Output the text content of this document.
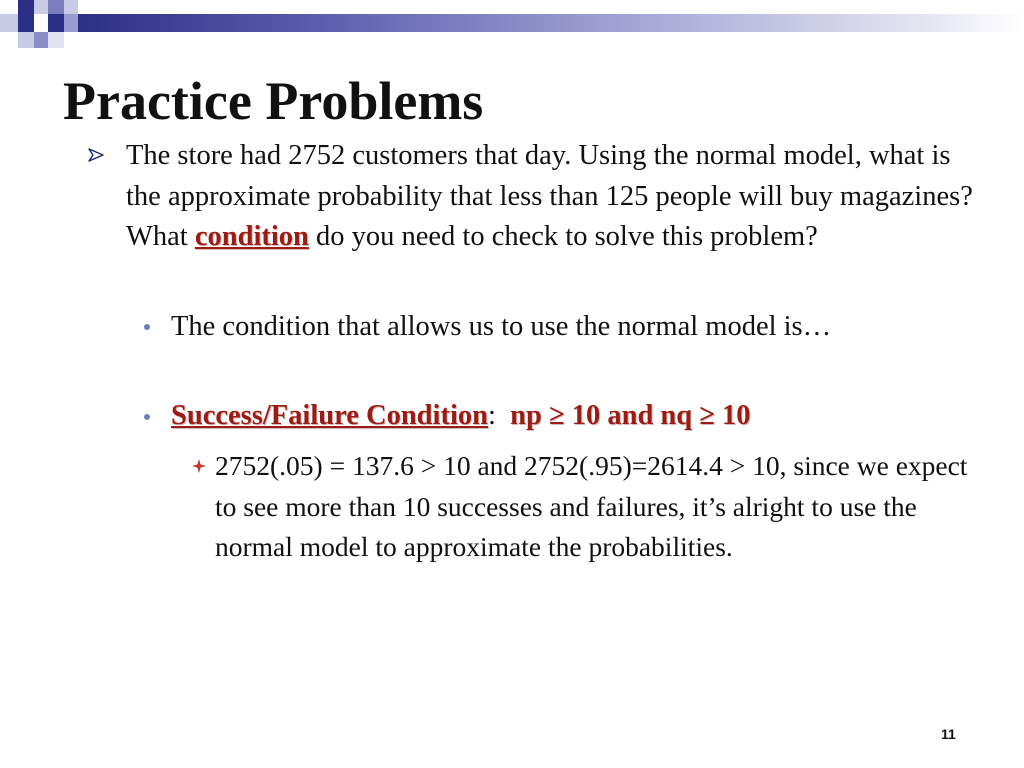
Practice Problems
The store had 2752 customers that day. Using the normal model, what is the approximate probability that less than 125 people will buy magazines? What condition do you need to check to solve this problem?
The condition that allows us to use the normal model is…
Success/Failure Condition: np ≥ 10 and nq ≥ 10
2752(.05) = 137.6 > 10 and 2752(.95)=2614.4 > 10, since we expect to see more than 10 successes and failures, it’s alright to use the normal model to approximate the probabilities.
11
